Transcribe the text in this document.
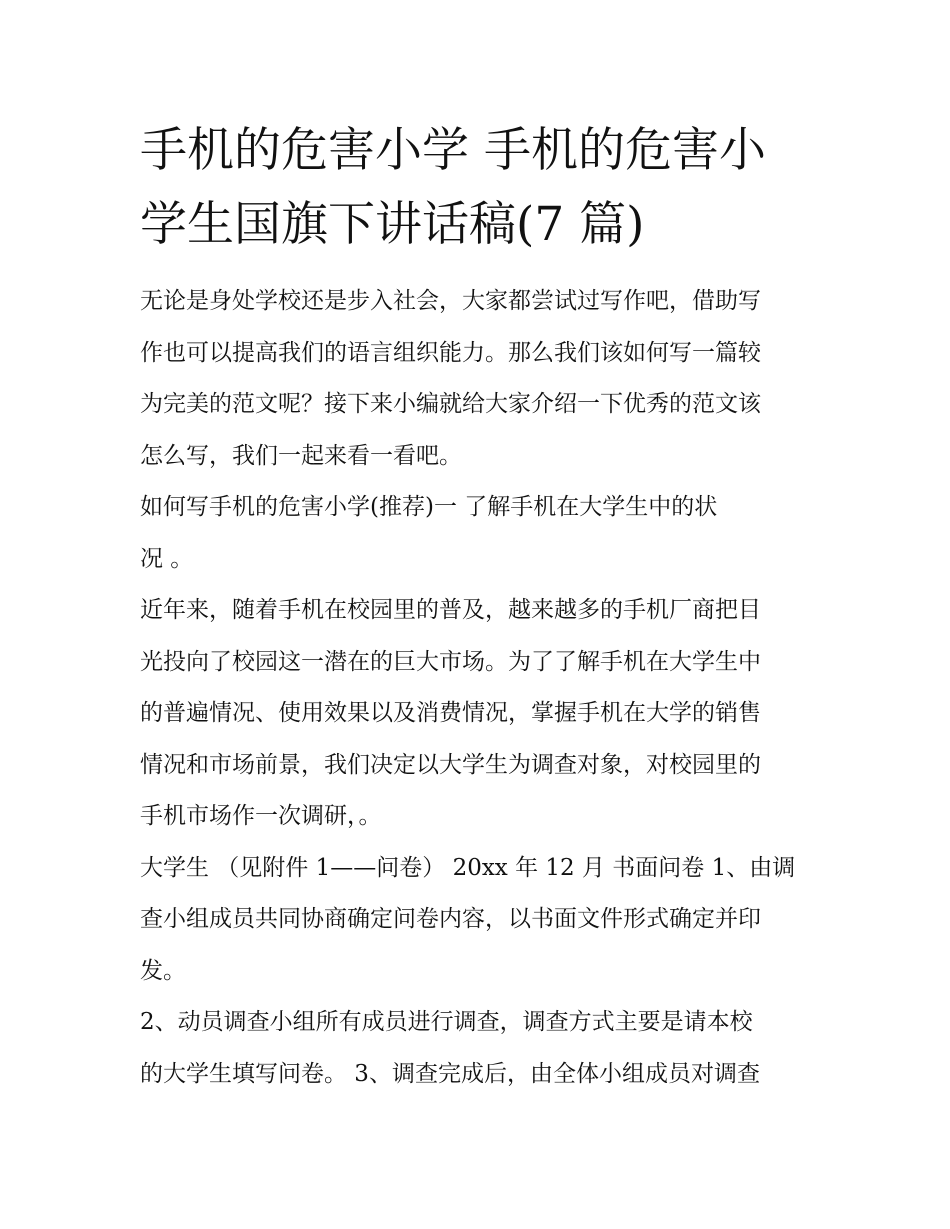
手机的危害小学 手机的危害小
学生国旗下讲话稿(7 篇)

无论是身处学校还是步入社会，大家都尝试过写作吧，借助写
作也可以提高我们的语言组织能力。那么我们该如何写一篇较
为完美的范文呢？接下来小编就给大家介绍一下优秀的范文该
怎么写，我们一起来看一看吧。

如何写手机的危害小学(推荐)一 了解手机在大学生中的状
况 。

近年来，随着手机在校园里的普及，越来越多的手机厂商把目
光投向了校园这一潜在的巨大市场。为了了解手机在大学生中
的普遍情况、使用效果以及消费情况，掌握手机在大学的销售
情况和市场前景，我们决定以大学生为调查对象，对校园里的
手机市场作一次调研，。

大学生 （见附件 1——问卷） 20xx 年 12 月 书面问卷 1、由调
查小组成员共同协商确定问卷内容，以书面文件形式确定并印
发。

2、动员调查小组所有成员进行调查，调查方式主要是请本校
的大学生填写问卷。 3、调查完成后，由全体小组成员对调查
